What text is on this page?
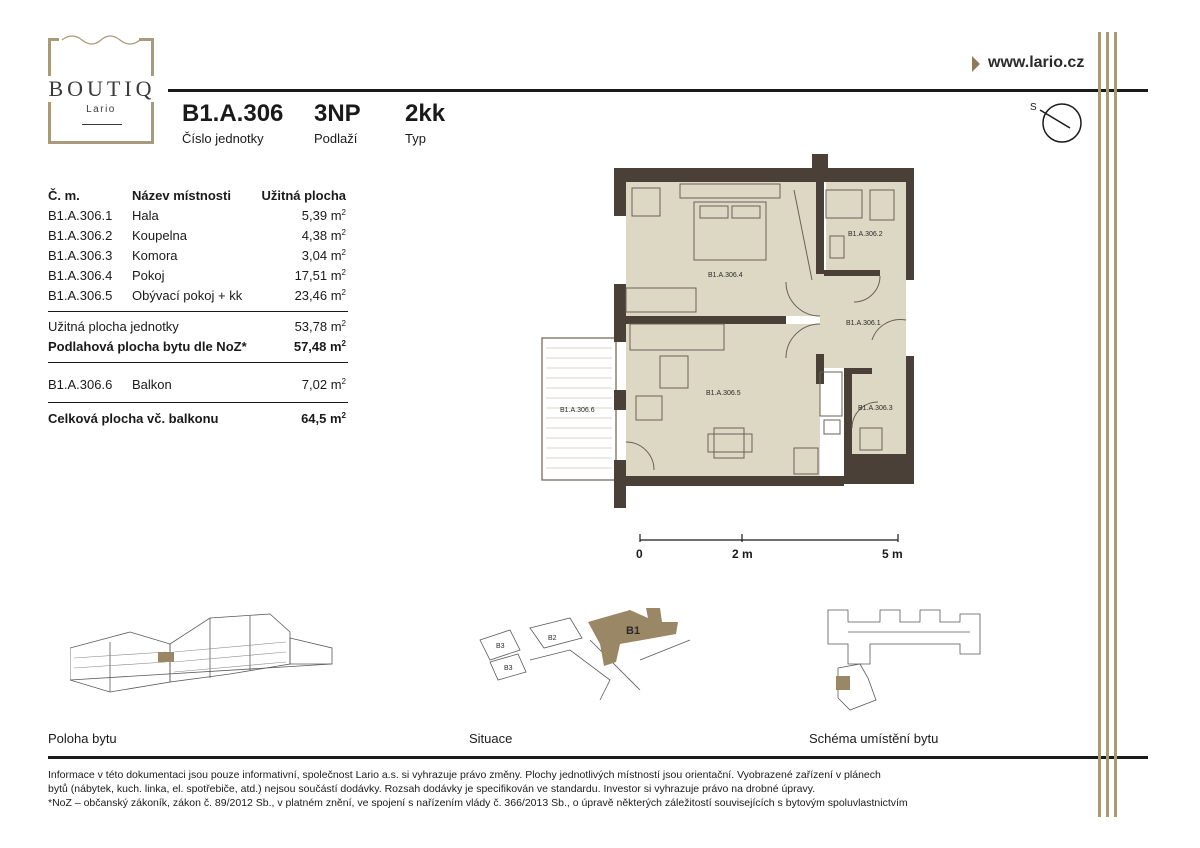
BOUTIQ
Lario
www.lario.cz
B1.A.306
Číslo jednotky
3NP
Podlaží
2kk
Typ
Č. m.	Název místnosti Užitná plocha
B1.A.306.1 Hala	5,39 $m^2$
B1.A.306.2 Koupelna	4,38 $m^2$
B1.A.306.3 Komora	3,04 $m^2$
B1.A.306.4 Pokoj	17,51 $m^2$
B1.A.306.5 Obývací pokoj + kk	23,46 $m^2$
Užitná plocha jednotky	53,78 $m^2$
Podlahová plocha bytu dle NoZ*	57,48 $m^2$
B1.A.306.6 Balkon	7,02 $m^2$
Celková plocha vč. balkonu	64,5 $m^2$
S
B1.A.306.4
B1.A.306.2
B1.A.306.1
B1.A.306.5
B1.A.306.3
B1.A.306.6
0	2 m	5 m
B1
B2
B3
B3
Poloha bytu	Situace	Schéma umístění bytu
Informace v této dokumentaci jsou pouze informativní, společnost Lario a.s. si vyhrazuje právo změny. Plochy jednotlivých místností jsou orientační. Vyobrazené zařízení v plánech
bytů (nábytek, kuch. linka, el. spotřebiče, atd.) nejsou součástí dodávky. Rozsah dodávky je specifikován ve standardu. Investor si vyhrazuje právo na drobné úpravy.
*NoZ – občanský zákoník, zákon č. 89/2012 Sb., v platném znění, ve spojení s nařízením vlády č. 366/2013 Sb., o úpravě některých záležitostí souvisejících s bytovým spoluvlastnictvím
